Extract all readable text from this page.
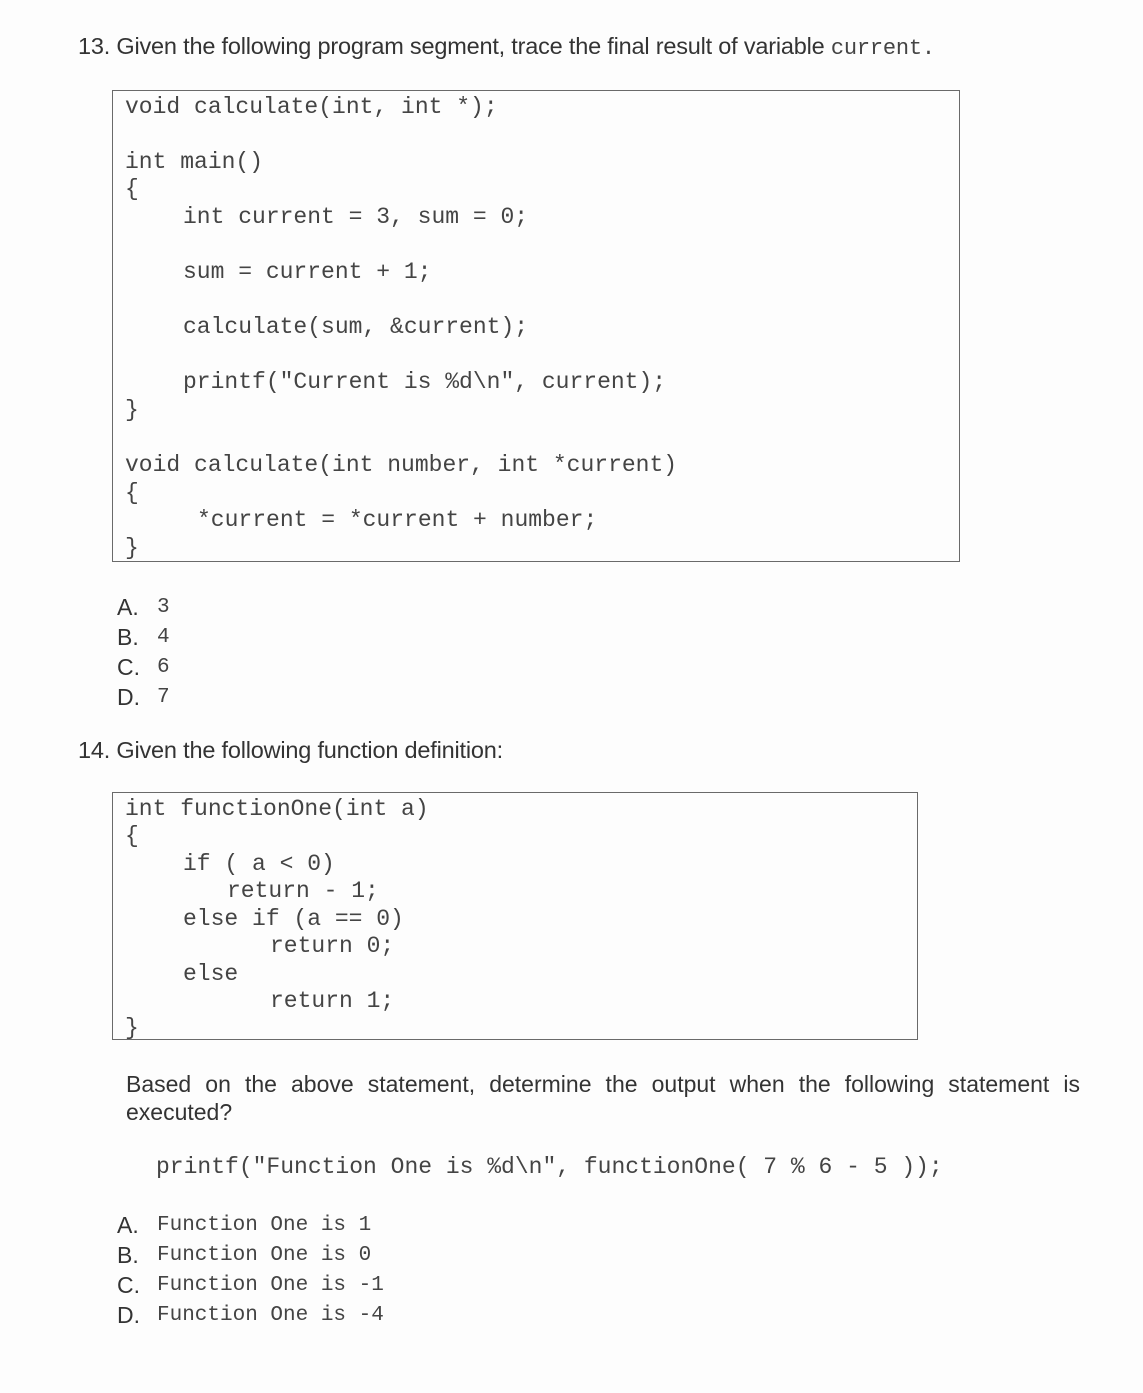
13. Given the following program segment, trace the final result of variable current.
void calculate(int, int *);
int main()
{
int current = 3, sum = 0;
sum = current + 1;
calculate(sum, &current);
printf("Current is %d\n", current);
}
void calculate(int number, int *current)
{
*current = *current + number;
}
A. 3
B. 4
C. 6
D. 7
14. Given the following function definition:
int functionOne(int a)
{
if ( a < 0)
return - 1;
else if (a == 0)
return 0;
else
return 1;
}
Based on the above statement, determine the output when the following statement is executed?
printf("Function One is %d\n", functionOne( 7 % 6 - 5 ));
A. Function One is 1
B. Function One is 0
C. Function One is -1
D. Function One is -4
